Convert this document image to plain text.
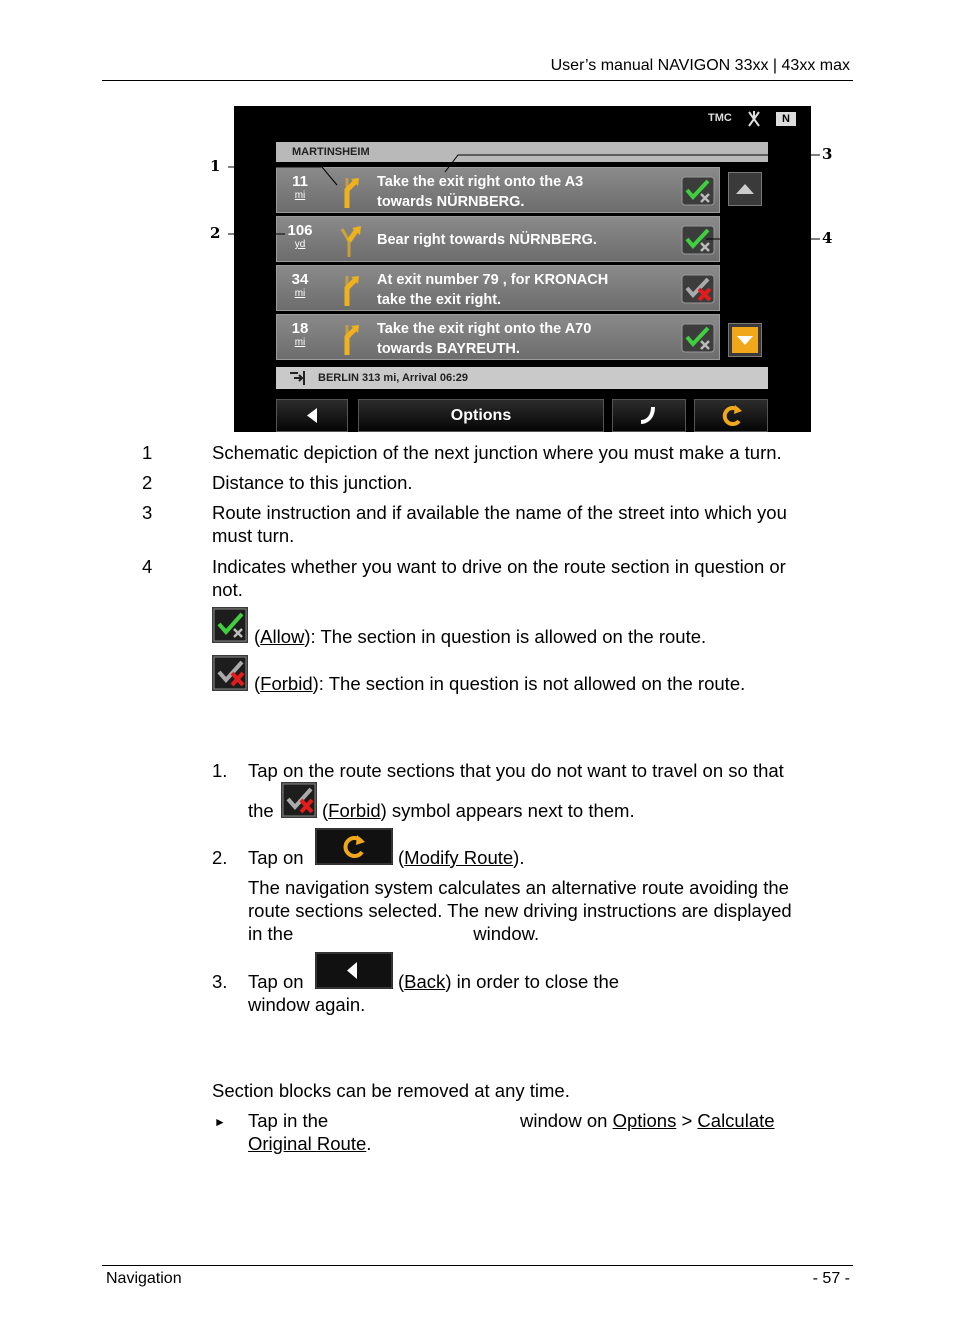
User’s manual NAVIGON 33xx | 43xx max
TMC	N
MARTINSHEIM
11
mi
Take the exit right onto the A3
towards NÜRNBERG.
106
yd	Bear right towards NÜRNBERG.
34
mi
At exit number 79 , for KRONACH
take the exit right.
18
mi
Take the exit right onto the A70
towards BAYREUTH.
BERLIN 313 mi, Arrival 06:29
Options
1
2
3
4
1	Schematic depiction of the next junction where you must make a turn.
2	Distance to this junction.
3	Route instruction and if available the name of the street into which you
must turn.
4	Indicates whether you want to drive on the route section in question or
not.
(Allow): The section in question is allowed on the route.
(Forbid): The section in question is not allowed on the route.
1. Tap on the route sections that you do not want to travel on so that
the	(Forbid) symbol appears next to them.
2. Tap on	(Modify Route).
The navigation system calculates an alternative route avoiding the
route sections selected. The new driving instructions are displayed
in the	window.
3. Tap on	(Back) in order to close the
window again.
Section blocks can be removed at any time.
► Tap in the	window on Options > Calculate
Original Route.
Navigation	- 57 -
